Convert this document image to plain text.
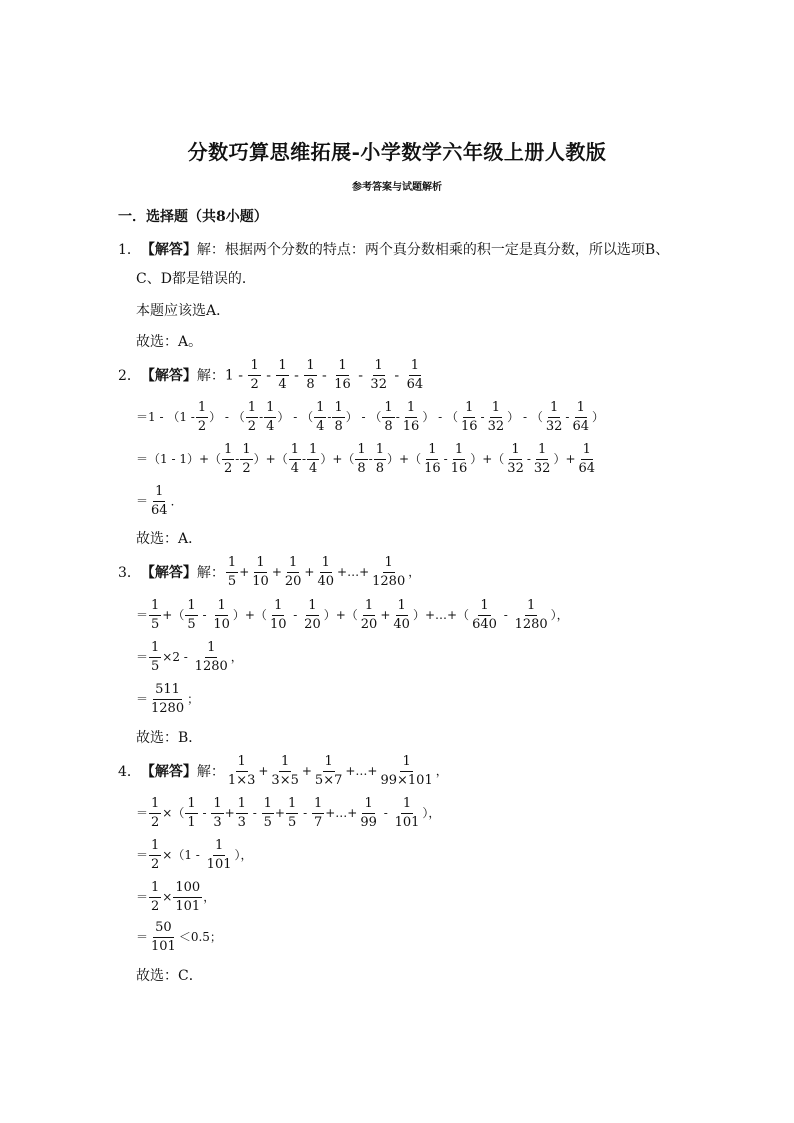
分数巧算思维拓展-小学数学六年级上册人教版
参考答案与试题解析
一．选择题（共8小题）
1． 【解答】 解： 根据两个分数的特点：两个真分数相乘的积一定是真分数，所以选项B、
C、D都是错误的．
本题应该选A．
故选：A。
2． 【解答】 解： $1 - \frac{1}{2} - \frac{1}{4} - \frac{1}{8} - \frac{1}{16} - \frac{1}{32} - \frac{1}{64}$
$=1 - (1 - \frac{1}{2}$ ） - （ $\frac{1}{2} - \frac{1}{4}$ ） - （ $\frac{1}{4} - \frac{1}{8}$ ） - （ $\frac{1}{8} - \frac{1}{16}$ ） - （ $\frac{1}{16} - \frac{1}{32}$ ） - （ $\frac{1}{32} - \frac{1}{64}$ ）
$=(1 - 1)+( \frac{1}{2} - \frac{1}{2}$ ）+（ $\frac{1}{4} - \frac{1}{4}$ ）+（ $\frac{1}{8} - \frac{1}{8}$ ）+（ $\frac{1}{16} - \frac{1}{16}$ ）+（ $\frac{1}{32} - \frac{1}{32}$ ）+ $\frac{1}{64}$
＝ $\frac{1}{64}$ ．
故选：A．
3． 【解答】 解： $\frac{1}{5} + \frac{1}{10} + \frac{1}{20} + \frac{1}{40}$ +…+ $\frac{1}{1280}$ ，
＝ $\frac{1}{5}$ +（ $\frac{1}{5} - \frac{1}{10}$ ）+（ $\frac{1}{10} - \frac{1}{20}$ ）+（ $\frac{1}{20} + \frac{1}{40}$ ）+…+（ $\frac{1}{640} - \frac{1}{1280}$ ），
＝ $\frac{1}{5} \times 2 - \frac{1}{1280}$ ，
＝ $\frac{511}{1280}$ ；
故选：B．
4． 【解答】 解： $\frac{1}{1\times 3} + \frac{1}{3\times 5} + \frac{1}{5\times 7}$ +…+ $\frac{1}{99\times 101}$ ，
＝ $\frac{1}{2}$ ×（ $\frac{1}{1} - \frac{1}{3} + \frac{1}{3} - \frac{1}{5} + \frac{1}{5} - \frac{1}{7}$ +…+ $\frac{1}{99} - \frac{1}{101}$ ），
＝ $\frac{1}{2} \times(1 - \frac{1}{101}$ ），
＝ $\frac{1}{2} \times \frac{100}{101}$ ，
＝ $\frac{50}{101} <0.5$；
故选：C．
